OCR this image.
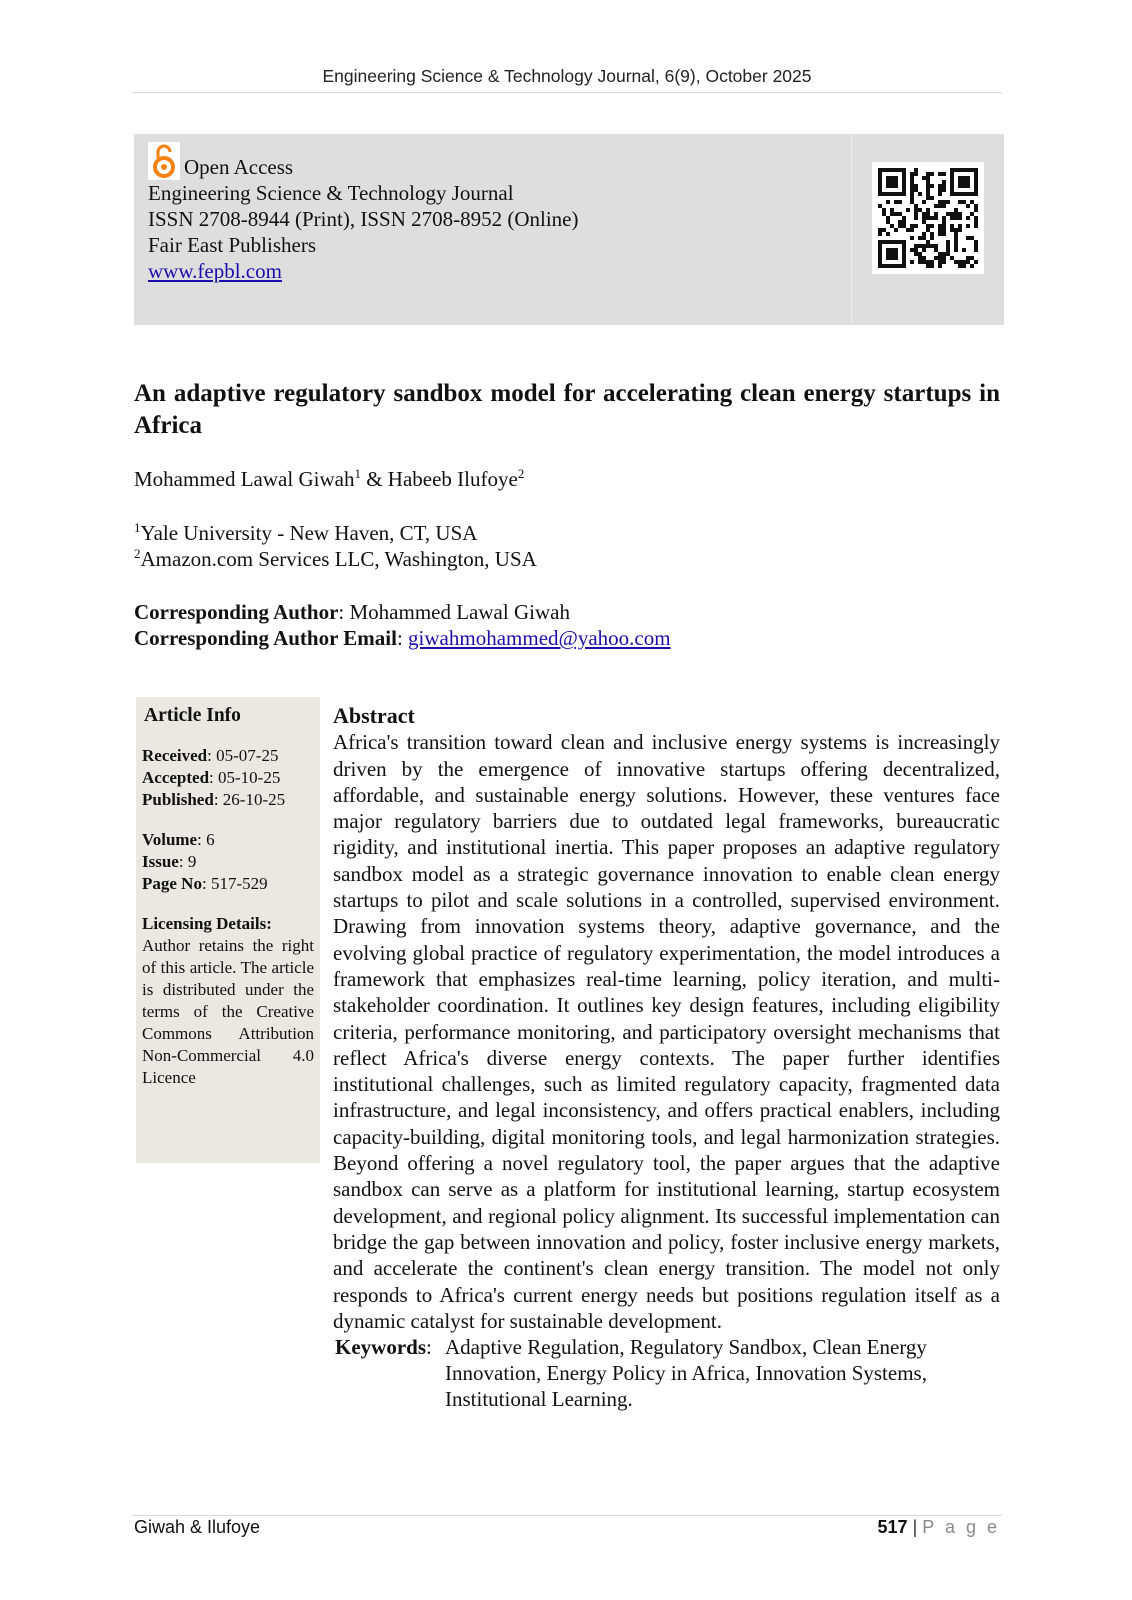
Engineering Science & Technology Journal, 6(9), October 2025
Open Access
Engineering Science & Technology Journal
ISSN 2708-8944 (Print), ISSN 2708-8952 (Online)
Fair East Publishers
www.fepbl.com
An adaptive regulatory sandbox model for accelerating clean energy startups in Africa
Mohammed Lawal Giwah$^1$ & Habeeb Ilufoye$^2$
$^1$Yale University - New Haven, CT, USA
$^2$Amazon.com Services LLC, Washington, USA
Corresponding Author: Mohammed Lawal Giwah
Corresponding Author Email: giwahmohammed@yahoo.com
Article Info
Received: 05-07-25
Accepted: 05-10-25
Published: 26-10-25
Volume: 6
Issue: 9
Page No: 517-529
Licensing Details:
Author retains the right of this article. The article is distributed under the terms of the Creative Commons Attribution Non-Commercial 4.0 Licence
Abstract
Africa's transition toward clean and inclusive energy systems is increasingly driven by the emergence of innovative startups offering decentralized, affordable, and sustainable energy solutions. However, these ventures face major regulatory barriers due to outdated legal frameworks, bureaucratic rigidity, and institutional inertia. This paper proposes an adaptive regulatory sandbox model as a strategic governance innovation to enable clean energy startups to pilot and scale solutions in a controlled, supervised environment. Drawing from innovation systems theory, adaptive governance, and the evolving global practice of regulatory experimentation, the model introduces a framework that emphasizes real-time learning, policy iteration, and multi-stakeholder coordination. It outlines key design features, including eligibility criteria, performance monitoring, and participatory oversight mechanisms that reflect Africa's diverse energy contexts. The paper further identifies institutional challenges, such as limited regulatory capacity, fragmented data infrastructure, and legal inconsistency, and offers practical enablers, including capacity-building, digital monitoring tools, and legal harmonization strategies. Beyond offering a novel regulatory tool, the paper argues that the adaptive sandbox can serve as a platform for institutional learning, startup ecosystem development, and regional policy alignment. Its successful implementation can bridge the gap between innovation and policy, foster inclusive energy markets, and accelerate the continent's clean energy transition. The model not only responds to Africa's current energy needs but positions regulation itself as a dynamic catalyst for sustainable development.
Keywords: Adaptive Regulation, Regulatory Sandbox, Clean Energy Innovation, Energy Policy in Africa, Innovation Systems, Institutional Learning.
Giwah & Ilufoye	517 | P a g e
